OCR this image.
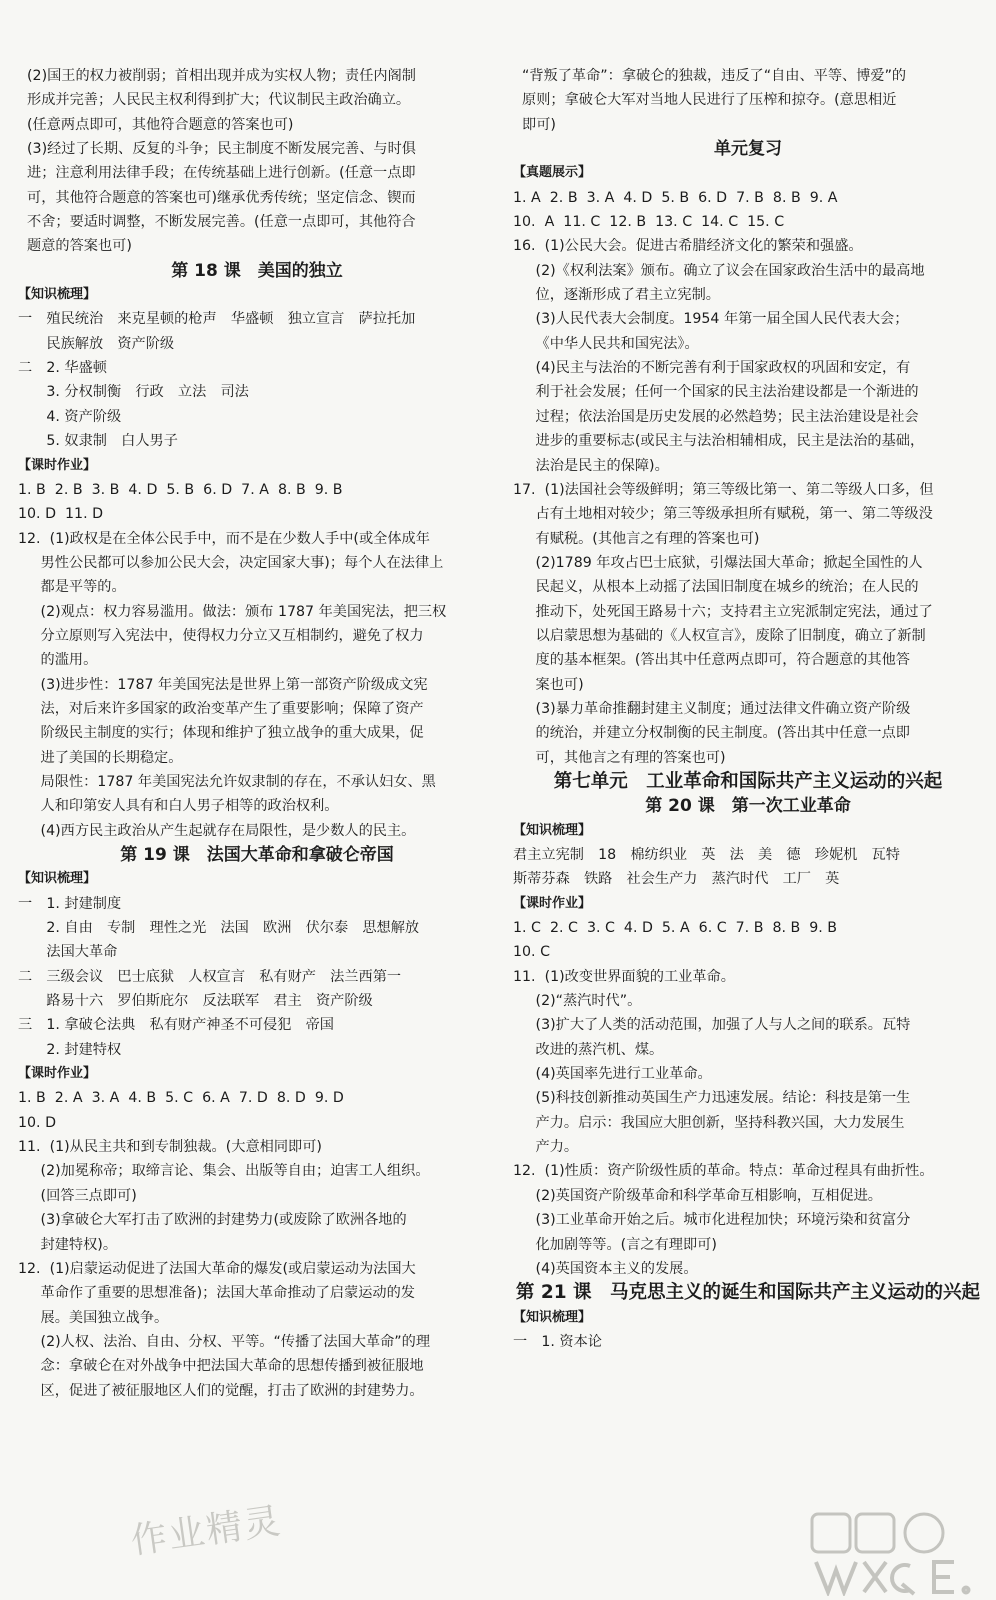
(2)国王的权力被削弱；首相出现并成为实权人物；责任内阁制
形成并完善；人民民主权利得到扩大；代议制民主政治确立。
(任意两点即可，其他符合题意的答案也可)
(3)经过了长期、反复的斗争；民主制度不断发展完善、与时俱
进；注意利用法律手段；在传统基础上进行创新。(任意一点即
可，其他符合题意的答案也可)继承优秀传统；坚定信念、锲而
不舍；要适时调整，不断发展完善。(任意一点即可，其他符合
题意的答案也可)
第 18 课　美国的独立
【知识梳理】
一　殖民统治　来克星顿的枪声　华盛顿　独立宣言　萨拉托加
　　民族解放　资产阶级
二　2. 华盛顿
　　3. 分权制衡　行政　立法　司法
　　4. 资产阶级
　　5. 奴隶制　白人男子
【课时作业】
1. B  2. B  3. B  4. D  5. B  6. D  7. A  8. B  9. B
10. D  11. D
12.  (1)政权是在全体公民手中，而不是在少数人手中(或全体成年
男性公民都可以参加公民大会，决定国家大事)；每个人在法律上
都是平等的。
(2)观点：权力容易滥用。做法：颁布 1787 年美国宪法，把三权
分立原则写入宪法中，使得权力分立又互相制约，避免了权力
的滥用。
(3)进步性：1787 年美国宪法是世界上第一部资产阶级成文宪
法，对后来许多国家的政治变革产生了重要影响；保障了资产
阶级民主制度的实行；体现和维护了独立战争的重大成果，促
进了美国的长期稳定。
局限性：1787 年美国宪法允许奴隶制的存在，不承认妇女、黑
人和印第安人具有和白人男子相等的政治权利。
(4)西方民主政治从产生起就存在局限性，是少数人的民主。
第 19 课　法国大革命和拿破仑帝国
【知识梳理】
一　1. 封建制度
　　2. 自由　专制　理性之光　法国　欧洲　伏尔泰　思想解放
　　法国大革命
二　三级会议　巴士底狱　人权宣言　私有财产　法兰西第一
　　路易十六　罗伯斯庇尔　反法联军　君主　资产阶级
三　1. 拿破仑法典　私有财产神圣不可侵犯　帝国
　　2. 封建特权
【课时作业】
1. B  2. A  3. A  4. B  5. C  6. A  7. D  8. D  9. D
10. D
11.  (1)从民主共和到专制独裁。(大意相同即可)
(2)加冕称帝；取缔言论、集会、出版等自由；迫害工人组织。
(回答三点即可)
(3)拿破仑大军打击了欧洲的封建势力(或废除了欧洲各地的
封建特权)。
12.  (1)启蒙运动促进了法国大革命的爆发(或启蒙运动为法国大
革命作了重要的思想准备)；法国大革命推动了启蒙运动的发
展。美国独立战争。
(2)人权、法治、自由、分权、平等。“传播了法国大革命”的理
念：拿破仑在对外战争中把法国大革命的思想传播到被征服地
区，促进了被征服地区人们的觉醒，打击了欧洲的封建势力。
“背叛了革命”：拿破仑的独裁，违反了“自由、平等、博爱”的
原则；拿破仑大军对当地人民进行了压榨和掠夺。(意思相近
即可)
单元复习
【真题展示】
1. A  2. B  3. A  4. D  5. B  6. D  7. B  8. B  9. A
10.  A  11. C  12. B  13. C  14. C  15. C
16.  (1)公民大会。促进古希腊经济文化的繁荣和强盛。
(2)《权利法案》颁布。确立了议会在国家政治生活中的最高地
位，逐渐形成了君主立宪制。
(3)人民代表大会制度。1954 年第一届全国人民代表大会；
《中华人民共和国宪法》。
(4)民主与法治的不断完善有利于国家政权的巩固和安定，有
利于社会发展；任何一个国家的民主法治建设都是一个渐进的
过程；依法治国是历史发展的必然趋势；民主法治建设是社会
进步的重要标志(或民主与法治相辅相成，民主是法治的基础，
法治是民主的保障)。
17.  (1)法国社会等级鲜明；第三等级比第一、第二等级人口多，但
占有土地相对较少；第三等级承担所有赋税，第一、第二等级没
有赋税。(其他言之有理的答案也可)
(2)1789 年攻占巴士底狱，引爆法国大革命；掀起全国性的人
民起义，从根本上动摇了法国旧制度在城乡的统治；在人民的
推动下，处死国王路易十六；支持君主立宪派制定宪法，通过了
以启蒙思想为基础的《人权宣言》，废除了旧制度，确立了新制
度的基本框架。(答出其中任意两点即可，符合题意的其他答
案也可)
(3)暴力革命推翻封建主义制度；通过法律文件确立资产阶级
的统治，并建立分权制衡的民主制度。(答出其中任意一点即
可，其他言之有理的答案也可)
第七单元　工业革命和国际共产主义运动的兴起
第 20 课　第一次工业革命
【知识梳理】
君主立宪制　18　棉纺织业　英　法　美　德　珍妮机　瓦特
斯蒂芬森　铁路　社会生产力　蒸汽时代　工厂　英
【课时作业】
1. C  2. C  3. C  4. D  5. A  6. C  7. B  8. B  9. B
10. C
11.  (1)改变世界面貌的工业革命。
(2)“蒸汽时代”。
(3)扩大了人类的活动范围，加强了人与人之间的联系。瓦特
改进的蒸汽机、煤。
(4)英国率先进行工业革命。
(5)科技创新推动英国生产力迅速发展。结论：科技是第一生
产力。启示：我国应大胆创新，坚持科教兴国，大力发展生
产力。
12.  (1)性质：资产阶级性质的革命。特点：革命过程具有曲折性。
(2)英国资产阶级革命和科学革命互相影响，互相促进。
(3)工业革命开始之后。城市化进程加快；环境污染和贫富分
化加剧等等。(言之有理即可)
(4)英国资本主义的发展。
第 21 课　马克思主义的诞生和国际共产主义运动的兴起
【知识梳理】
一　1. 资本论
作业精灵
